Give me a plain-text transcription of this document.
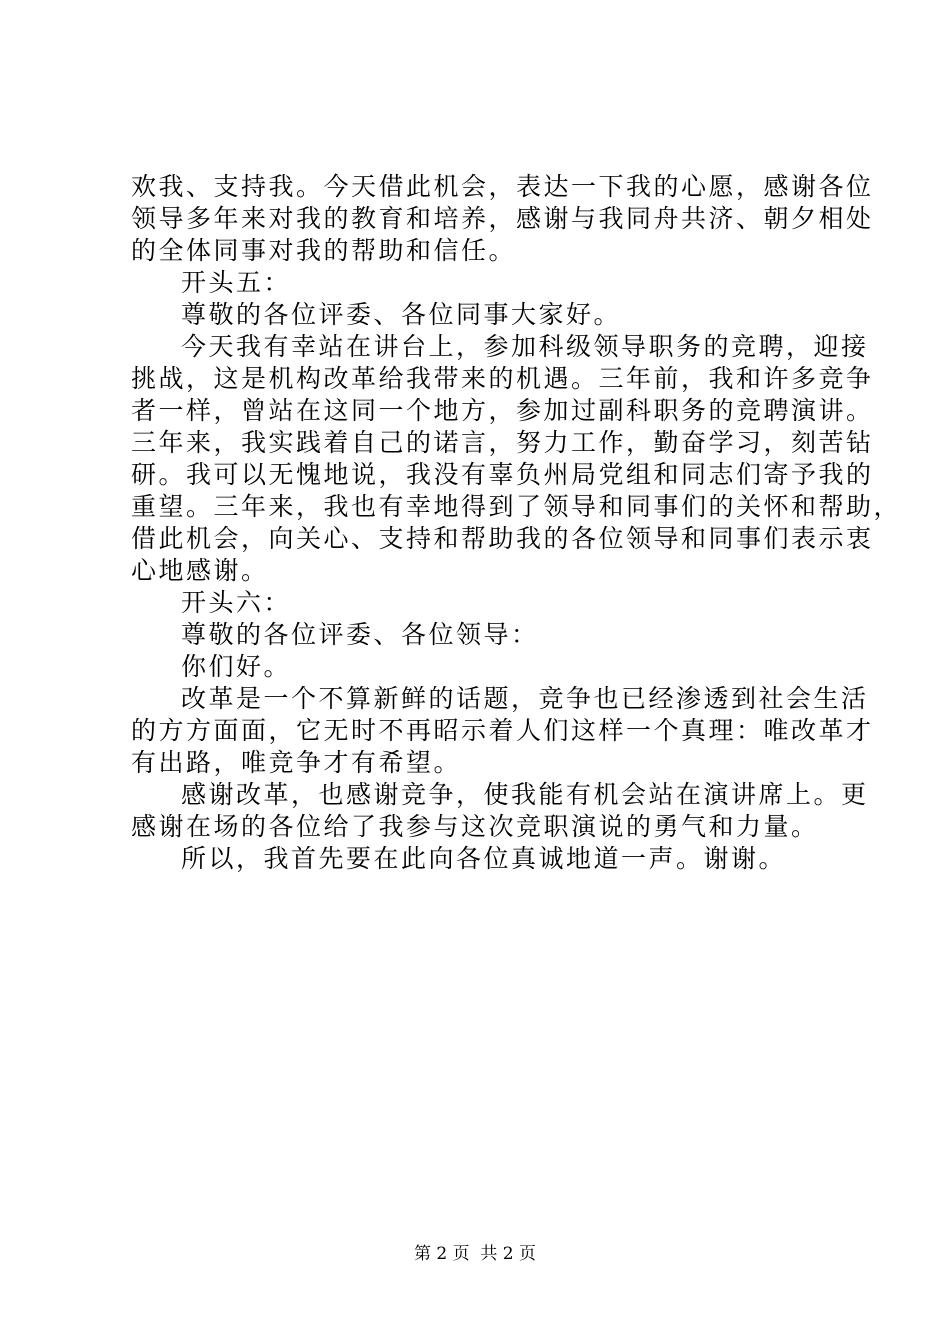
欢我、支持我。今天借此机会，表达一下我的心愿，感谢各位
领导多年来对我的教育和培养，感谢与我同舟共济、朝夕相处
的全体同事对我的帮助和信任。
开头五：
尊敬的各位评委、各位同事大家好。
今天我有幸站在讲台上，参加科级领导职务的竞聘，迎接
挑战，这是机构改革给我带来的机遇。三年前，我和许多竞争
者一样，曾站在这同一个地方，参加过副科职务的竞聘演讲。
三年来，我实践着自己的诺言，努力工作，勤奋学习，刻苦钻
研。我可以无愧地说，我没有辜负州局党组和同志们寄予我的
重望。三年来，我也有幸地得到了领导和同事们的关怀和帮助，
借此机会，向关心、支持和帮助我的各位领导和同事们表示衷
心地感谢。
开头六：
尊敬的各位评委、各位领导：
你们好。
改革是一个不算新鲜的话题，竞争也已经渗透到社会生活
的方方面面，它无时不再昭示着人们这样一个真理：唯改革才
有出路，唯竞争才有希望。
感谢改革，也感谢竞争，使我能有机会站在演讲席上。更
感谢在场的各位给了我参与这次竞职演说的勇气和力量。
所以，我首先要在此向各位真诚地道一声。谢谢。
第 2 页  共 2 页
